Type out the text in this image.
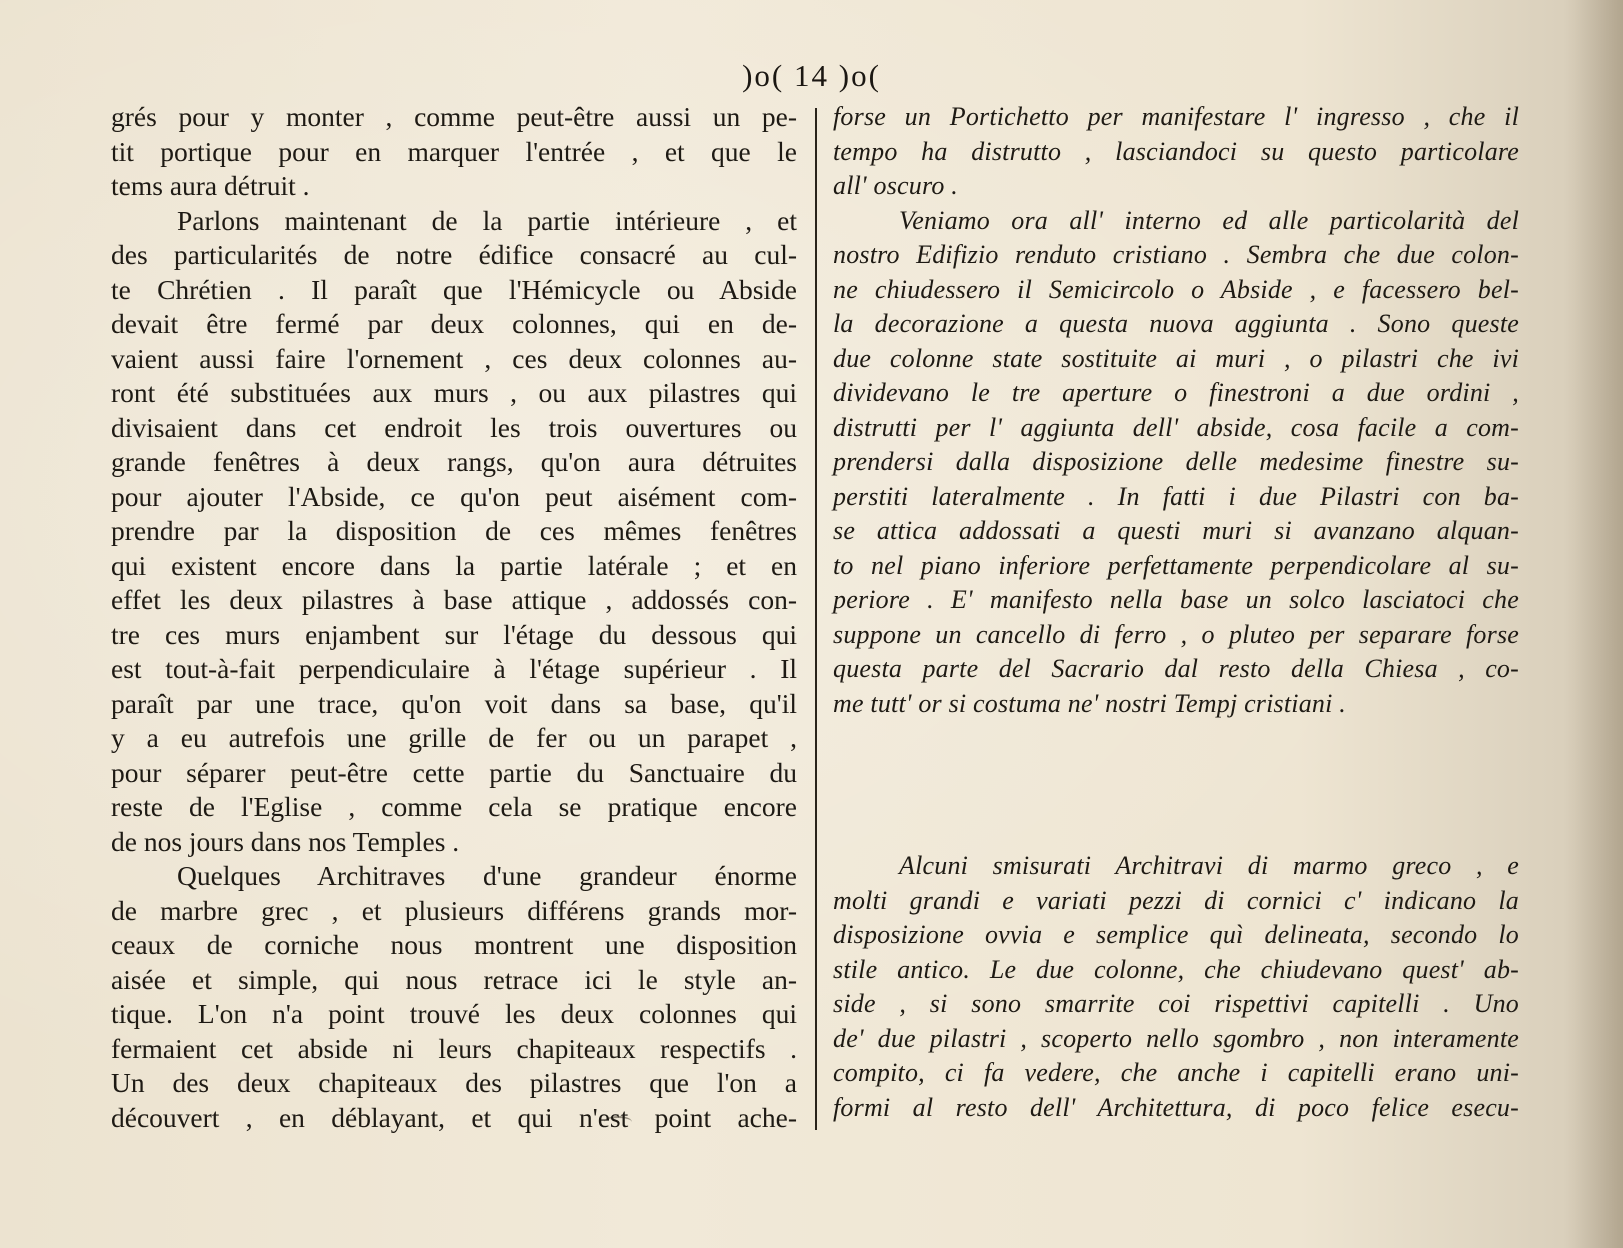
)o( 14 )o(
grés pour y monter , comme peut-être aussi un pe-
tit portique pour en marquer l'entrée , et que le
tems aura détruit .
Parlons maintenant de la partie intérieure , et
des particularités de notre édifice consacré au cul-
te Chrétien . Il paraît que l'Hémicycle ou Abside
devait être fermé par deux colonnes, qui en de-
vaient aussi faire l'ornement , ces deux colonnes au-
ront été substituées aux murs , ou aux pilastres qui
divisaient dans cet endroit les trois ouvertures ou
grande fenêtres à deux rangs, qu'on aura détruites
pour ajouter l'Abside, ce qu'on peut aisément com-
prendre par la disposition de ces mêmes fenêtres
qui existent encore dans la partie latérale ; et en
effet les deux pilastres à base attique , addossés con-
tre ces murs enjambent sur l'étage du dessous qui
est tout-à-fait perpendiculaire à l'étage supérieur . Il
paraît par une trace, qu'on voit dans sa base, qu'il
y a eu autrefois une grille de fer ou un parapet ,
pour séparer peut-être cette partie du Sanctuaire du
reste de l'Eglise , comme cela se pratique encore
de nos jours dans nos Temples .
Quelques Architraves d'une grandeur énorme
de marbre grec , et plusieurs différens grands mor-
ceaux de corniche nous montrent une disposition
aisée et simple, qui nous retrace ici le style an-
tique. L'on n'a point trouvé les deux colonnes qui
fermaient cet abside ni leurs chapiteaux respectifs .
Un des deux chapiteaux des pilastres que l'on a
découvert , en déblayant, et qui n'est point ache-
forse un Portichetto per manifestare l' ingresso , che il
tempo ha distrutto , lasciandoci su questo particolare
all' oscuro .
Veniamo ora all' interno ed alle particolarità del
nostro Edifizio renduto cristiano . Sembra che due colon-
ne chiudessero il Semicircolo o Abside , e facessero bel-
la decorazione a questa nuova aggiunta . Sono queste
due colonne state sostituite ai muri , o pilastri che ivi
dividevano le tre aperture o finestroni a due ordini ,
distrutti per l' aggiunta dell' abside, cosa facile a com-
prendersi dalla disposizione delle medesime finestre su-
perstiti lateralmente . In fatti i due Pilastri con ba-
se attica addossati a questi muri si avanzano alquan-
to nel piano inferiore perfettamente perpendicolare al su-
periore . E' manifesto nella base un solco lasciatoci che
suppone un cancello di ferro , o pluteo per separare forse
questa parte del Sacrario dal resto della Chiesa , co-
me tutt' or si costuma ne' nostri Tempj cristiani .
Alcuni smisurati Architravi di marmo greco , e
molti grandi e variati pezzi di cornici c' indicano la
disposizione ovvia e semplice quì delineata, secondo lo
stile antico. Le due colonne, che chiudevano quest' ab-
side , si sono smarrite coi rispettivi capitelli . Uno
de' due pilastri , scoperto nello sgombro , non interamente
compito, ci fa vedere, che anche i capitelli erano uni-
formi al resto dell' Architettura, di poco felice esecu-
